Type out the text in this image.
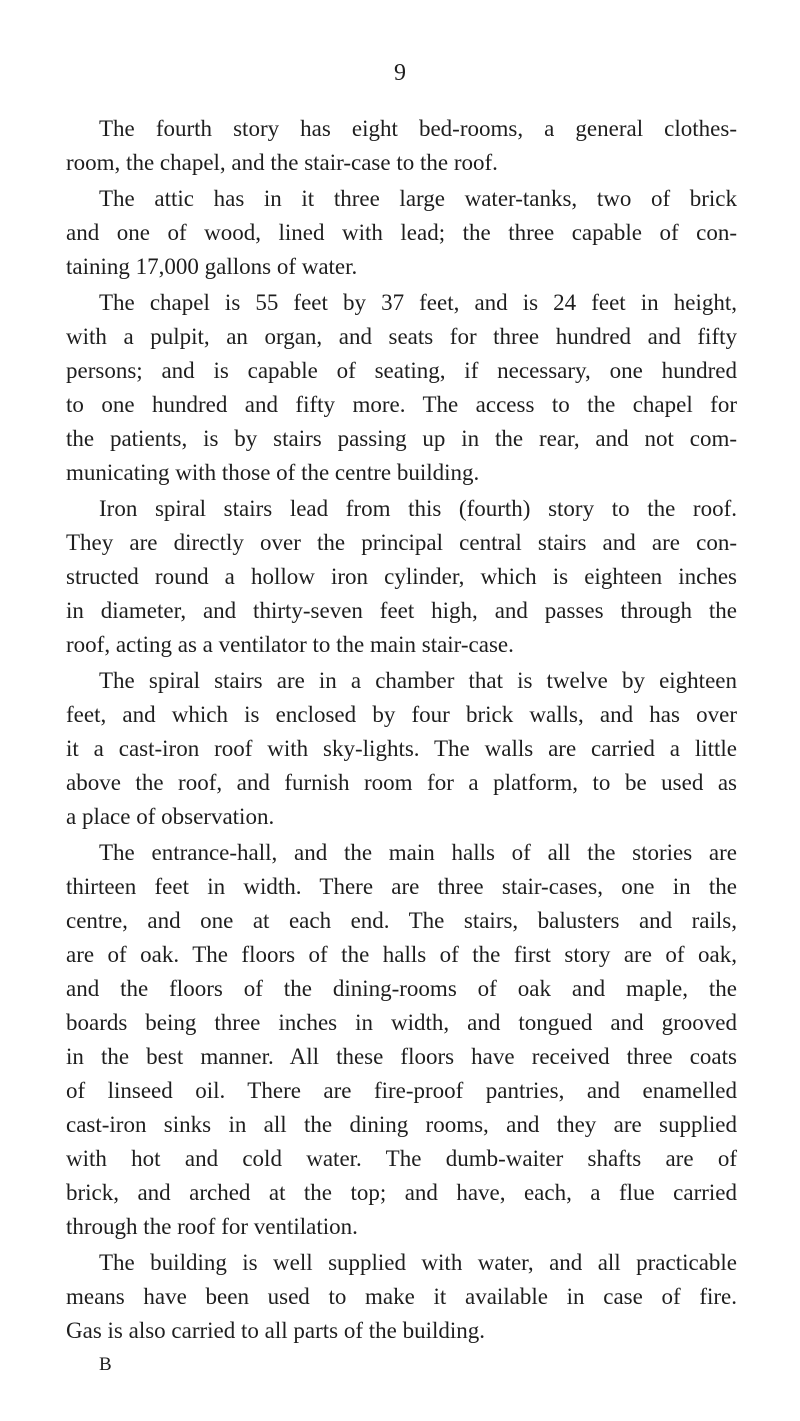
9
The fourth story has eight bed-rooms, a general clothes-
room, the chapel, and the stair-case to the roof.
The attic has in it three large water-tanks, two of brick
and one of wood, lined with lead; the three capable of con-
taining 17,000 gallons of water.
The chapel is 55 feet by 37 feet, and is 24 feet in height,
with a pulpit, an organ, and seats for three hundred and fifty
persons; and is capable of seating, if necessary, one hundred
to one hundred and fifty more. The access to the chapel for
the patients, is by stairs passing up in the rear, and not com-
municating with those of the centre building.
Iron spiral stairs lead from this (fourth) story to the roof.
They are directly over the principal central stairs and are con-
structed round a hollow iron cylinder, which is eighteen inches
in diameter, and thirty-seven feet high, and passes through the
roof, acting as a ventilator to the main stair-case.
The spiral stairs are in a chamber that is twelve by eighteen
feet, and which is enclosed by four brick walls, and has over
it a cast-iron roof with sky-lights. The walls are carried a little
above the roof, and furnish room for a platform, to be used as
a place of observation.
The entrance-hall, and the main halls of all the stories are
thirteen feet in width. There are three stair-cases, one in the
centre, and one at each end. The stairs, balusters and rails,
are of oak. The floors of the halls of the first story are of oak,
and the floors of the dining-rooms of oak and maple, the
boards being three inches in width, and tongued and grooved
in the best manner. All these floors have received three coats
of linseed oil. There are fire-proof pantries, and enamelled
cast-iron sinks in all the dining rooms, and they are supplied
with hot and cold water. The dumb-waiter shafts are of
brick, and arched at the top; and have, each, a flue carried
through the roof for ventilation.
The building is well supplied with water, and all practicable
means have been used to make it available in case of fire.
Gas is also carried to all parts of the building.
B
